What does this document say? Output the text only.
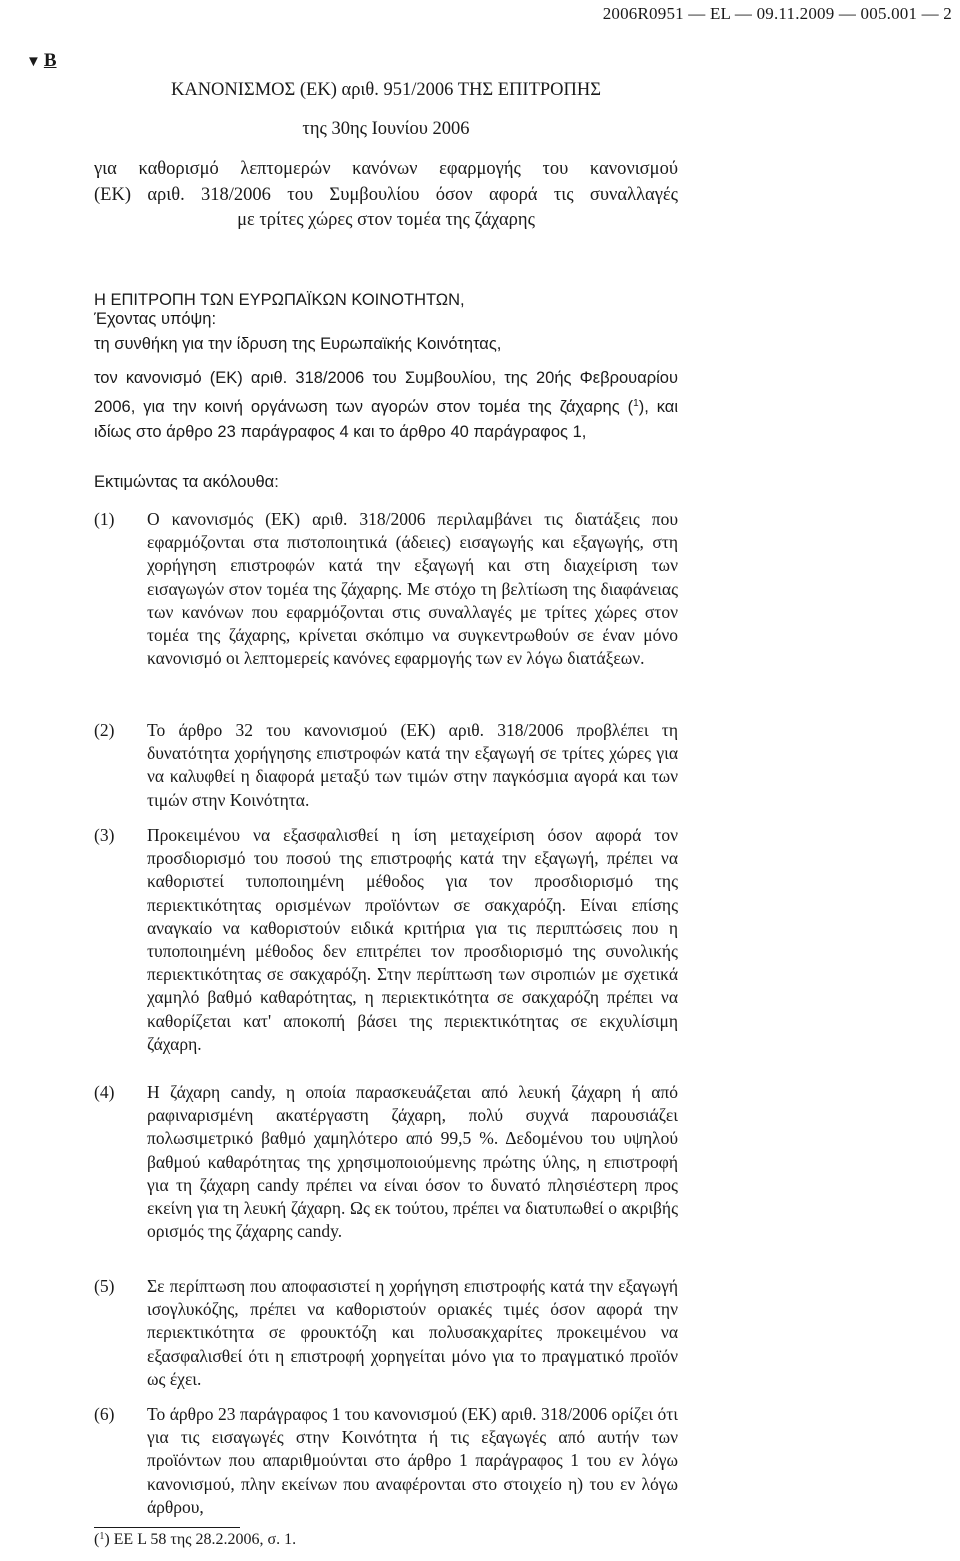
2006R0951 — EL — 09.11.2009 — 005.001 — 2
▼ B
ΚΑΝΟΝΙΣΜΟΣ (ΕΚ) αριθ. 951/2006 ΤΗΣ ΕΠΙΤΡΟΠΗΣ
της 30ης Ιουνίου 2006
για καθορισμό λεπτομερών κανόνων εφαρμογής του κανονισμού
(ΕΚ) αριθ. 318/2006 του Συμβουλίου όσον αφορά τις συναλλαγές
με τρίτες χώρες στον τομέα της ζάχαρης
Η ΕΠΙΤΡΟΠΗ ΤΩΝ ΕΥΡΩΠΑΪΚΩΝ ΚΟΙΝΟΤΗΤΩΝ,
Έχοντας υπόψη:
τη συνθήκη για την ίδρυση της Ευρωπαϊκής Κοινότητας,
τον κανονισμό (ΕΚ) αριθ. 318/2006 του Συμβουλίου, της 20ής Φεβρουαρίου 2006, για την κοινή οργάνωση των αγορών στον τομέα της ζάχαρης ($^1$), και ιδίως στο άρθρο 23 παράγραφος 4 και το άρθρο 40 παράγραφος 1,
Εκτιμώντας τα ακόλουθα:
(1)	Ο κανονισμός (ΕΚ) αριθ. 318/2006 περιλαμβάνει τις διατάξεις που εφαρμόζονται στα πιστοποιητικά (άδειες) εισαγωγής και εξαγωγής, στη χορήγηση επιστροφών κατά την εξαγωγή και στη διαχείριση των εισαγωγών στον τομέα της ζάχαρης. Με στόχο τη βελτίωση της διαφάνειας των κανόνων που εφαρμόζονται στις συναλλαγές με τρίτες χώρες στον τομέα της ζάχαρης, κρίνεται σκόπιμο να συγκεντρωθούν σε έναν μόνο κανονισμό οι λεπτομερείς κανόνες εφαρμογής των εν λόγω διατάξεων.
(2)	Το άρθρο 32 του κανονισμού (ΕΚ) αριθ. 318/2006 προβλέπει τη δυνατότητα χορήγησης επιστροφών κατά την εξαγωγή σε τρίτες χώρες για να καλυφθεί η διαφορά μεταξύ των τιμών στην παγκόσμια αγορά και των τιμών στην Κοινότητα.
(3)	Προκειμένου να εξασφαλισθεί η ίση μεταχείριση όσον αφορά τον προσδιορισμό του ποσού της επιστροφής κατά την εξαγωγή, πρέπει να καθοριστεί τυποποιημένη μέθοδος για τον προσδιορισμό της περιεκτικότητας ορισμένων προϊόντων σε σακχαρόζη. Είναι επίσης αναγκαίο να καθοριστούν ειδικά κριτήρια για τις περιπτώσεις που η τυποποιημένη μέθοδος δεν επιτρέπει τον προσδιορισμό της συνολικής περιεκτικότητας σε σακχαρόζη. Στην περίπτωση των σιροπιών με σχετικά χαμηλό βαθμό καθαρότητας, η περιεκτικότητα σε σακχαρόζη πρέπει να καθορίζεται κατ' αποκοπή βάσει της περιεκτικότητας σε εκχυλίσιμη ζάχαρη.
(4)	Η ζάχαρη candy, η οποία παρασκευάζεται από λευκή ζάχαρη ή από ραφιναρισμένη ακατέργαστη ζάχαρη, πολύ συχνά παρουσιάζει πολωσιμετρικό βαθμό χαμηλότερο από 99,5 %. Δεδομένου του υψηλού βαθμού καθαρότητας της χρησιμοποιούμενης πρώτης ύλης, η επιστροφή για τη ζάχαρη candy πρέπει να είναι όσον το δυνατό πλησιέστερη προς εκείνη για τη λευκή ζάχαρη. Ως εκ τούτου, πρέπει να διατυπωθεί ο ακριβής ορισμός της ζάχαρης candy.
(5)	Σε περίπτωση που αποφασιστεί η χορήγηση επιστροφής κατά την εξαγωγή ισογλυκόζης, πρέπει να καθοριστούν οριακές τιμές όσον αφορά την περιεκτικότητα σε φρουκτόζη και πολυσακχαρίτες προκειμένου να εξασφαλισθεί ότι η επιστροφή χορηγείται μόνο για το πραγματικό προϊόν ως έχει.
(6)	Το άρθρο 23 παράγραφος 1 του κανονισμού (ΕΚ) αριθ. 318/2006 ορίζει ότι για τις εισαγωγές στην Κοινότητα ή τις εξαγωγές από αυτήν των προϊόντων που απαριθμούνται στο άρθρο 1 παράγραφος 1 του εν λόγω κανονισμού, πλην εκείνων που αναφέρονται στο στοιχείο η) του εν λόγω άρθρου,
($^1$) ΕΕ L 58 της 28.2.2006, σ. 1.
